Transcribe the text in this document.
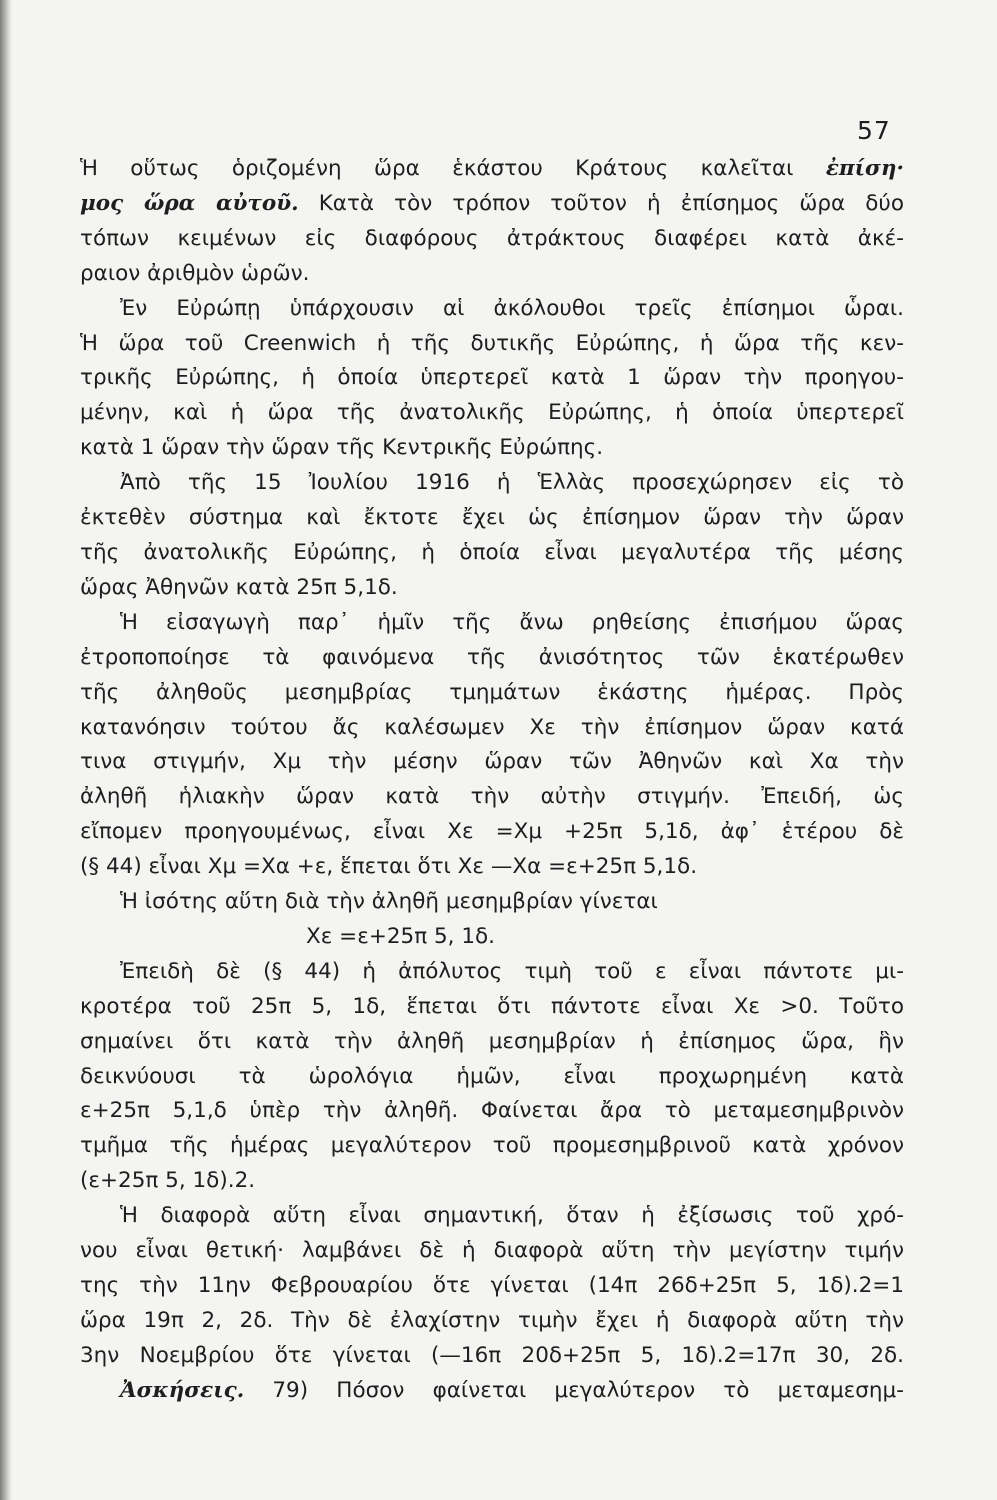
57
Ἡ οὕτως ὁριζομένη ὥρα ἑκάστου Κράτους καλεῖται ἐπίση·
μος ὥρα αὐτοῦ. Κατὰ τὸν τρόπον τοῦτον ἡ ἐπίσημος ὥρα δύο
τόπων κειμένων εἰς διαφόρους ἀτράκτους διαφέρει κατὰ ἀκέ-
ραιον ἀριθμὸν ὡρῶν.
Ἐν Εὐρώπῃ ὑπάρχουσιν αἱ ἀκόλουθοι τρεῖς ἐπίσημοι ὧραι.
Ἡ ὥρα τοῦ Creenwich ἡ τῆς δυτικῆς Εὐρώπης, ἡ ὥρα τῆς κεν-
τρικῆς Εὐρώπης, ἡ ὁποία ὑπερτερεῖ κατὰ 1 ὥραν τὴν προηγου-
μένην, καὶ ἡ ὥρα τῆς ἀνατολικῆς Εὐρώπης, ἡ ὁποία ὑπερτερεῖ
κατὰ 1 ὥραν τὴν ὥραν τῆς Κεντρικῆς Εὐρώπης.
Ἀπὸ τῆς 15 Ἰουλίου 1916 ἡ Ἑλλὰς προσεχώρησεν εἰς τὸ
ἐκτεθὲν σύστημα καὶ ἔκτοτε ἔχει ὡς ἐπίσημον ὥραν τὴν ὥραν
τῆς ἀνατολικῆς Εὐρώπης, ἡ ὁποία εἶναι μεγαλυτέρα τῆς μέσης
ὥρας Ἀθηνῶν κατὰ 25π 5,1δ.
Ἡ εἰσαγωγὴ παρ᾽ ἡμῖν τῆς ἄνω ρηθείσης ἐπισήμου ὥρας
ἐτροποποίησε τὰ φαινόμενα τῆς ἀνισότητος τῶν ἑκατέρωθεν
τῆς ἀληθοῦς μεσημβρίας τμημάτων ἑκάστης ἡμέρας. Πρὸς
κατανόησιν τούτου ἄς καλέσωμεν Xε τὴν ἐπίσημον ὥραν κατά
τινα στιγμήν, Xμ τὴν μέσην ὥραν τῶν Ἀθηνῶν καὶ Xα τὴν
ἀληθῆ ἡλιακὴν ὥραν κατὰ τὴν αὐτὴν στιγμήν. Ἐπειδή, ὡς
εἴπομεν προηγουμένως, εἶναι Xε =Xμ +25π 5,1δ, ἀφ᾽ ἑτέρου δὲ
(§ 44) εἶναι Xμ =Xα +ε, ἕπεται ὅτι Xε —Xα =ε+25π 5,1δ.
Ἡ ἰσότης αὕτη διὰ τὴν ἀληθῆ μεσημβρίαν γίνεται
Xε =ε+25π 5, 1δ.
Ἐπειδὴ δὲ (§ 44) ἡ ἀπόλυτος τιμὴ τοῦ ε εἶναι πάντοτε μι-
κροτέρα τοῦ 25π 5, 1δ, ἕπεται ὅτι πάντοτε εἶναι Xε >0. Τοῦτο
σημαίνει ὅτι κατὰ τὴν ἀληθῆ μεσημβρίαν ἡ ἐπίσημος ὥρα, ἣν
δεικνύουσι τὰ ὡρολόγια ἡμῶν, εἶναι προχωρημένη κατὰ
ε+25π 5,1,δ ὑπὲρ τὴν ἀληθῆ. Φαίνεται ἄρα τὸ μεταμεσημβρινὸν
τμῆμα τῆς ἡμέρας μεγαλύτερον τοῦ προμεσημβρινοῦ κατὰ χρόνον
(ε+25π 5, 1δ).2.
Ἡ διαφορὰ αὕτη εἶναι σημαντική, ὅταν ἡ ἐξίσωσις τοῦ χρό-
νου εἶναι θετική· λαμβάνει δὲ ἡ διαφορὰ αὕτη τὴν μεγίστην τιμήν
της τὴν 11ην Φεβρουαρίου ὅτε γίνεται (14π 26δ+25π 5, 1δ).2=1
ὥρα 19π 2, 2δ. Τὴν δὲ ἐλαχίστην τιμὴν ἔχει ἡ διαφορὰ αὕτη τὴν
3ην Νοεμβρίου ὅτε γίνεται (—16π 20δ+25π 5, 1δ).2=17π 30, 2δ.
Ἀσκήσεις. 79) Πόσον φαίνεται μεγαλύτερον τὸ μεταμεσημ-
